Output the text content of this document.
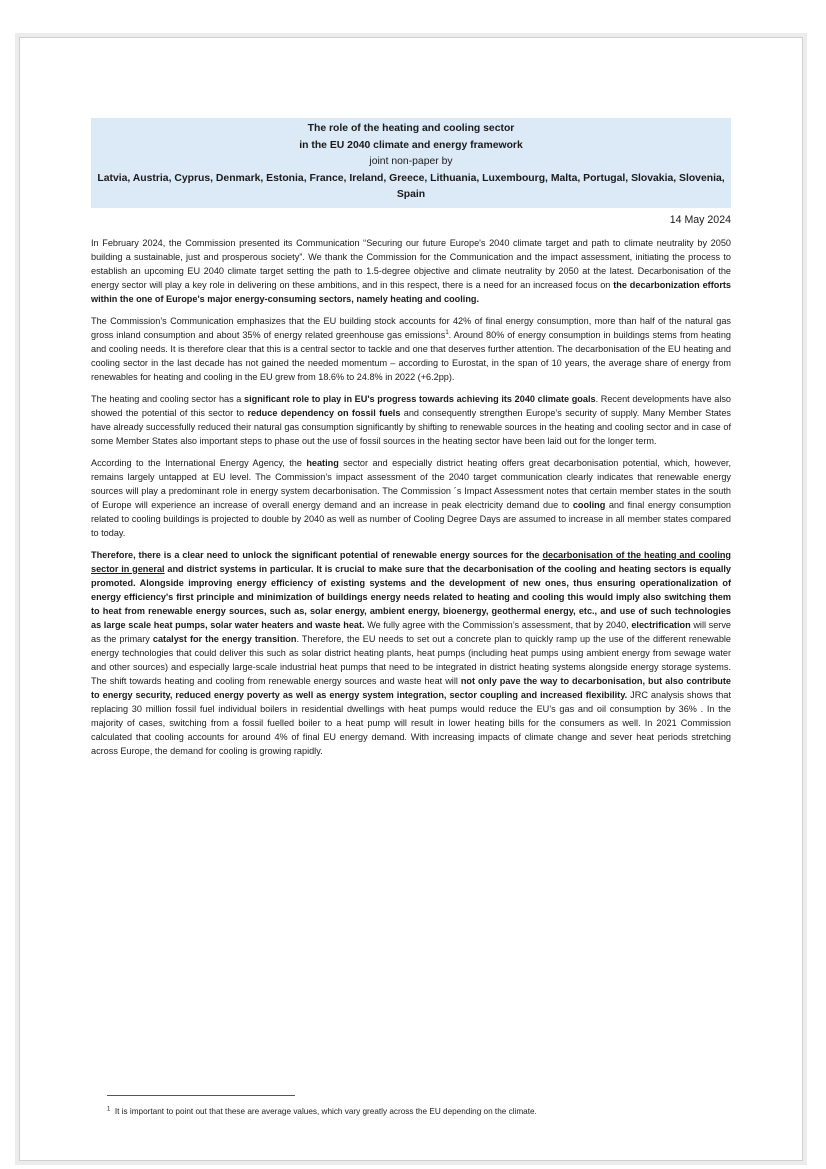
The role of the heating and cooling sector
in the EU 2040 climate and energy framework
joint non-paper by
Latvia, Austria, Cyprus, Denmark, Estonia, France, Ireland, Greece, Lithuania, Luxembourg, Malta, Portugal, Slovakia, Slovenia, Spain
14 May 2024

In February 2024, the Commission presented its Communication “Securing our future Europe's 2040 climate target and path to climate neutrality by 2050 building a sustainable, just and prosperous society”. We thank the Commission for the Communication and the impact assessment, initiating the process to establish an upcoming EU 2040 climate target setting the path to 1.5-degree objective and climate neutrality by 2050 at the latest. Decarbonisation of the energy sector will play a key role in delivering on these ambitions, and in this respect, there is a need for an increased focus on the decarbonization efforts within the one of Europe's major energy-consuming sectors, namely heating and cooling.

The Commission’s Communication emphasizes that the EU building stock accounts for 42% of final energy consumption, more than half of the natural gas gross inland consumption and about 35% of energy related greenhouse gas emissions$^1$. Around 80% of energy consumption in buildings stems from heating and cooling needs. It is therefore clear that this is a central sector to tackle and one that deserves further attention. The decarbonisation of the EU heating and cooling sector in the last decade has not gained the needed momentum – according to Eurostat, in the span of 10 years, the average share of energy from renewables for heating and cooling in the EU grew from 18.6% to 24.8% in 2022 (+6.2pp).

The heating and cooling sector has a significant role to play in EU's progress towards achieving its 2040 climate goals. Recent developments have also showed the potential of this sector to reduce dependency on fossil fuels and consequently strengthen Europe’s security of supply. Many Member States have already successfully reduced their natural gas consumption significantly by shifting to renewable sources in the heating and cooling sector and in case of some Member States also important steps to phase out the use of fossil sources in the heating sector have been laid out for the longer term.

According to the International Energy Agency, the heating sector and especially district heating offers great decarbonisation potential, which, however, remains largely untapped at EU level. The Commission’s impact assessment of the 2040 target communication clearly indicates that renewable energy sources will play a predominant role in energy system decarbonisation. The Commission ´s Impact Assessment notes that certain member states in the south of Europe will experience an increase of overall energy demand and an increase in peak electricity demand due to cooling and final energy consumption related to cooling buildings is projected to double by 2040 as well as number of Cooling Degree Days are assumed to increase in all member states compared to today.

Therefore, there is a clear need to unlock the significant potential of renewable energy sources for the decarbonisation of the heating and cooling sector in general and district systems in particular. It is crucial to make sure that the decarbonisation of the cooling and heating sectors is equally promoted. Alongside improving energy efficiency of existing systems and the development of new ones, thus ensuring operationalization of energy efficiency's first principle and minimization of buildings energy needs related to heating and cooling this would imply also switching them to heat from renewable energy sources, such as, solar energy, ambient energy, bioenergy, geothermal energy, etc., and use of such technologies as large scale heat pumps, solar water heaters and waste heat. We fully agree with the Commission’s assessment, that by 2040, electrification will serve as the primary catalyst for the energy transition. Therefore, the EU needs to set out a concrete plan to quickly ramp up the use of the different renewable energy technologies that could deliver this such as solar district heating plants, heat pumps (including heat pumps using ambient energy from sewage water and other sources) and especially large-scale industrial heat pumps that need to be integrated in district heating systems alongside energy storage systems. The shift towards heating and cooling from renewable energy sources and waste heat will not only pave the way to decarbonisation, but also contribute to energy security, reduced energy poverty as well as energy system integration, sector coupling and increased flexibility. JRC analysis shows that replacing 30 million fossil fuel individual boilers in residential dwellings with heat pumps would reduce the EU’s gas and oil consumption by 36% . In the majority of cases, switching from a fossil fuelled boiler to a heat pump will result in lower heating bills for the consumers as well. In 2021 Commission calculated that cooling accounts for around 4% of final EU energy demand. With increasing impacts of climate change and sever heat periods stretching across Europe, the demand for cooling is growing rapidly.

$^1$ It is important to point out that these are average values, which vary greatly across the EU depending on the climate.
